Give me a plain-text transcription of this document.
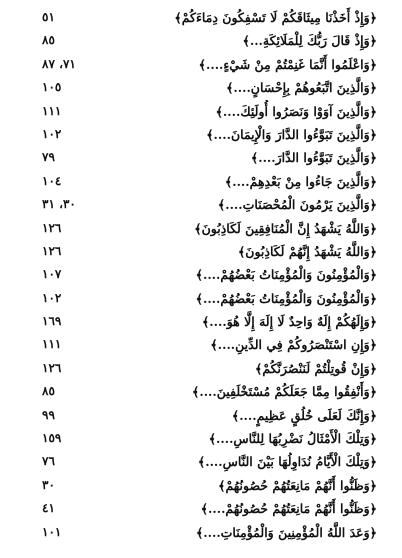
﴿وَإِذْ أَخَذْنَا مِيثَاقَكُمْ لَا تَسْفِكُونَ دِمَاءَكُمْ﴾
٥١
﴿وَإِذْ قَالَ رَبُّكَ لِلْمَلَائِكَةِ...﴾
٨٥
﴿وَاعْلَمُوا أَنَّمَا غَنِمْتُمْ مِنْ شَيْءٍ....﴾
٧١، ٨٧
﴿وَالَّذِينَ اتَّبَعُوهُمْ بِإِحْسَانٍ....﴾
١٠٥
﴿وَالَّذِينَ آوَوْا وَنَصَرُوا أُولَئِكَ....﴾
١١١
﴿وَالَّذِينَ تَبَوَّءُوا الدَّارَ وَالْإِيمَانَ....﴾
١٠٢
﴿وَالَّذِينَ تَبَوَّءُوا الدَّارَ....﴾
٧٩
﴿وَالَّذِينَ جَاءُوا مِنْ بَعْدِهِمْ....﴾
١٠٤
﴿وَالَّذِينَ يَرْمُونَ الْمُحْصَنَاتِ....﴾
٣٠، ٣١
﴿وَاللَّهُ يَشْهَدُ إِنَّ الْمُنَافِقِينَ لَكَاذِبُونَ﴾
١٢٦
﴿وَاللَّهُ يَشْهَدُ إِنَّهُمْ لَكَاذِبُونَ﴾
١٢٦
﴿وَالْمُؤْمِنُونَ وَالْمُؤْمِنَاتُ بَعْضُهُمْ....﴾
١٠٧
﴿وَالْمُؤْمِنُونَ وَالْمُؤْمِنَاتُ بَعْضُهُمْ....﴾
١٠٢
﴿وَإِلَهُكُمْ إِلَهٌ وَاحِدٌ لَا إِلَهَ إِلَّا هُوَ....﴾
١٦٩
﴿وَإِنِ اسْتَنْصَرُوكُمْ فِي الدِّينِ....﴾
١١١
﴿وَإِنْ قُوتِلْتُمْ لَنَنْصُرَنَّكُمْ﴾
١٢٦
﴿وَأَنْفِقُوا مِمَّا جَعَلَكُمْ مُسْتَخْلَفِينَ....﴾
٨٥
﴿وَإِنَّكَ لَعَلَى خُلُقٍ عَظِيمٍ....﴾
٩٩
﴿وَتِلْكَ الْأَمْثَالُ نَضْرِبُهَا لِلنَّاسِ....﴾
١٥٩
﴿وَتِلْكَ الْأَيَّامُ نُدَاوِلُهَا بَيْنَ النَّاسِ....﴾
٧٦
﴿وَظَنُّوا أَنَّهُمْ مَانِعَتُهُمْ حُصُونُهُمْ﴾
٣٠
﴿وَظَنُّوا أَنَّهُمْ مَانِعَتُهُمْ حُصُونُهُمْ....﴾
٤١
﴿وَعَدَ اللَّهُ الْمُؤْمِنِينَ وَالْمُؤْمِنَاتِ....﴾
١٠١
